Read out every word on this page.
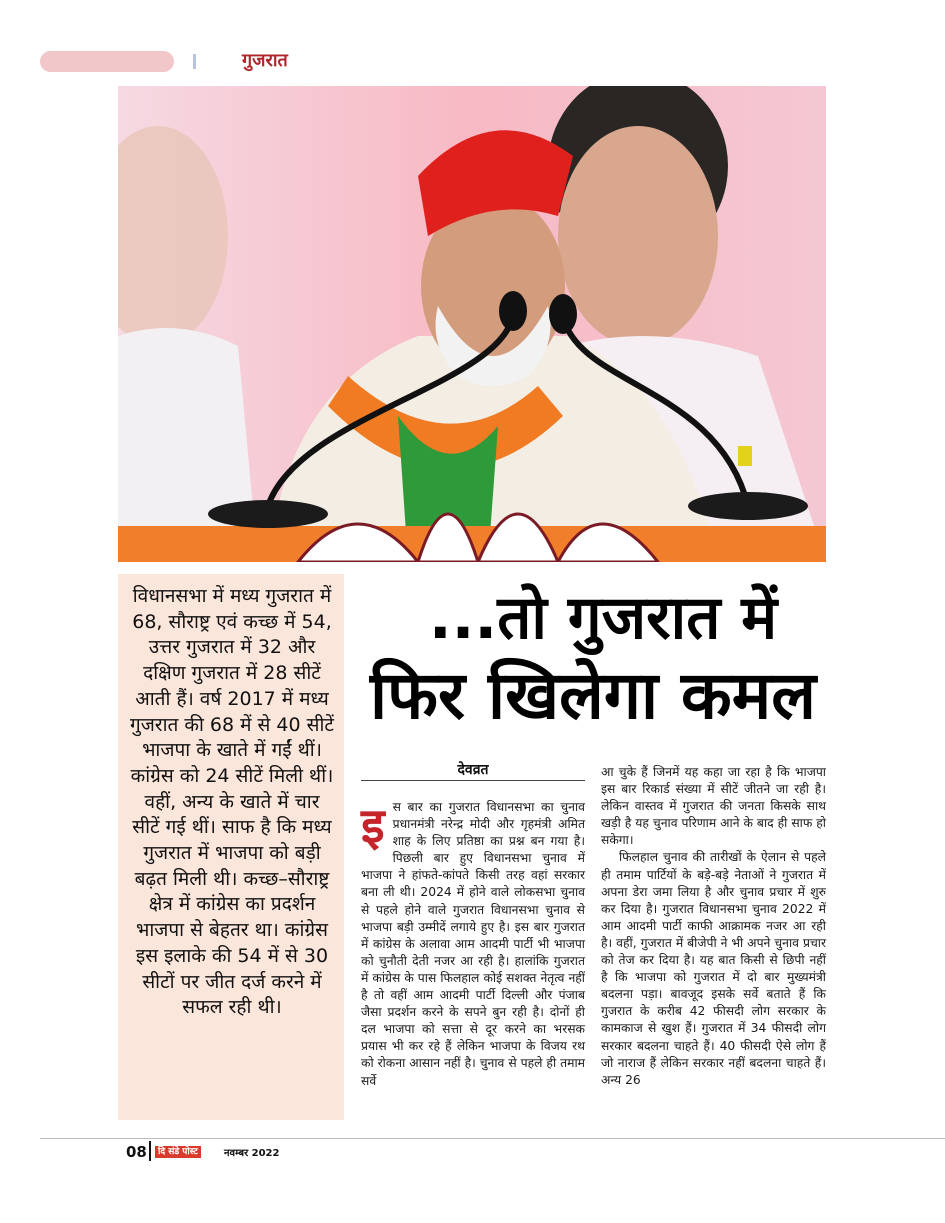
गुजरात

विधानसभा में मध्य गुजरात में 68, सौराष्ट्र एवं कच्छ में 54, उत्तर गुजरात में 32 और दक्षिण गुजरात में 28 सीटें आती हैं। वर्ष 2017 में मध्य गुजरात की 68 में से 40 सीटें भाजपा के खाते में गईं थीं। कांग्रेस को 24 सीटें मिली थीं। वहीं, अन्य के खाते में चार सीटें गई थीं। साफ है कि मध्य गुजरात में भाजपा को बड़ी बढ़त मिली थी। कच्छ–सौराष्ट्र क्षेत्र में कांग्रेस का प्रदर्शन भाजपा से बेहतर था। कांग्रेस इस इलाके की 54 में से 30 सीटों पर जीत दर्ज करने में सफल रही थी।

...तो गुजरात में
फिर खिलेगा कमल
देवव्रत
इ स बार का गुजरात विधानसभा का चुनाव प्रधानमंत्री नरेन्द्र मोदी और गृहमंत्री अमित शाह के लिए प्रतिष्ठा का प्रश्न बन गया है। पिछली बार हुए विधानसभा चुनाव में भाजपा ने हांफते-कांपते किसी तरह वहां सरकार बना ली थी। 2024 में होने वाले लोकसभा चुनाव से पहले होने वाले गुजरात विधानसभा चुनाव से भाजपा बड़ी उम्मीदें लगाये हुए है। इस बार गुजरात में कांग्रेस के अलावा आम आदमी पार्टी भी भाजपा को चुनौती देती नजर आ रही है। हालांकि गुजरात में कांग्रेस के पास फिलहाल कोई सशक्त नेतृत्व नहीं है तो वहीं आम आदमी पार्टी दिल्ली और पंजाब जैसा प्रदर्शन करने के सपने बुन रही है। दोनों ही दल भाजपा को सत्ता से दूर करने का भरसक प्रयास भी कर रहे हैं लेकिन भाजपा के विजय रथ को रोकना आसान नहीं है। चुनाव से पहले ही तमाम सर्वे

आ चुके हैं जिनमें यह कहा जा रहा है कि भाजपा इस बार रिकार्ड संख्या में सीटें जीतने जा रही है। लेकिन वास्तव में गुजरात की जनता किसके साथ खड़ी है यह चुनाव परिणाम आने के बाद ही साफ हो सकेगा।

फिलहाल चुनाव की तारीखों के ऐलान से पहले ही तमाम पार्टियों के बड़े-बड़े नेताओं ने गुजरात में अपना डेरा जमा लिया है और चुनाव प्रचार में शुरु कर दिया है। गुजरात विधानसभा चुनाव 2022 में आम आदमी पार्टी काफी आक्रामक नजर आ रही है। वहीं, गुजरात में बीजेपी ने भी अपने चुनाव प्रचार को तेज कर दिया है। यह बात किसी से छिपी नहीं है कि भाजपा को गुजरात में दो बार मुख्यमंत्री बदलना पड़ा। बावजूद इसके सर्वे बताते हैं कि गुजरात के करीब 42 फीसदी लोग सरकार के कामकाज से खुश हैं। गुजरात में 34 फीसदी लोग सरकार बदलना चाहते हैं। 40 फीसदी ऐसे लोग हैं जो नाराज हैं लेकिन सरकार नहीं बदलना चाहते हैं। अन्य 26

08	दि संडे पोस्ट	नवम्बर 2022
